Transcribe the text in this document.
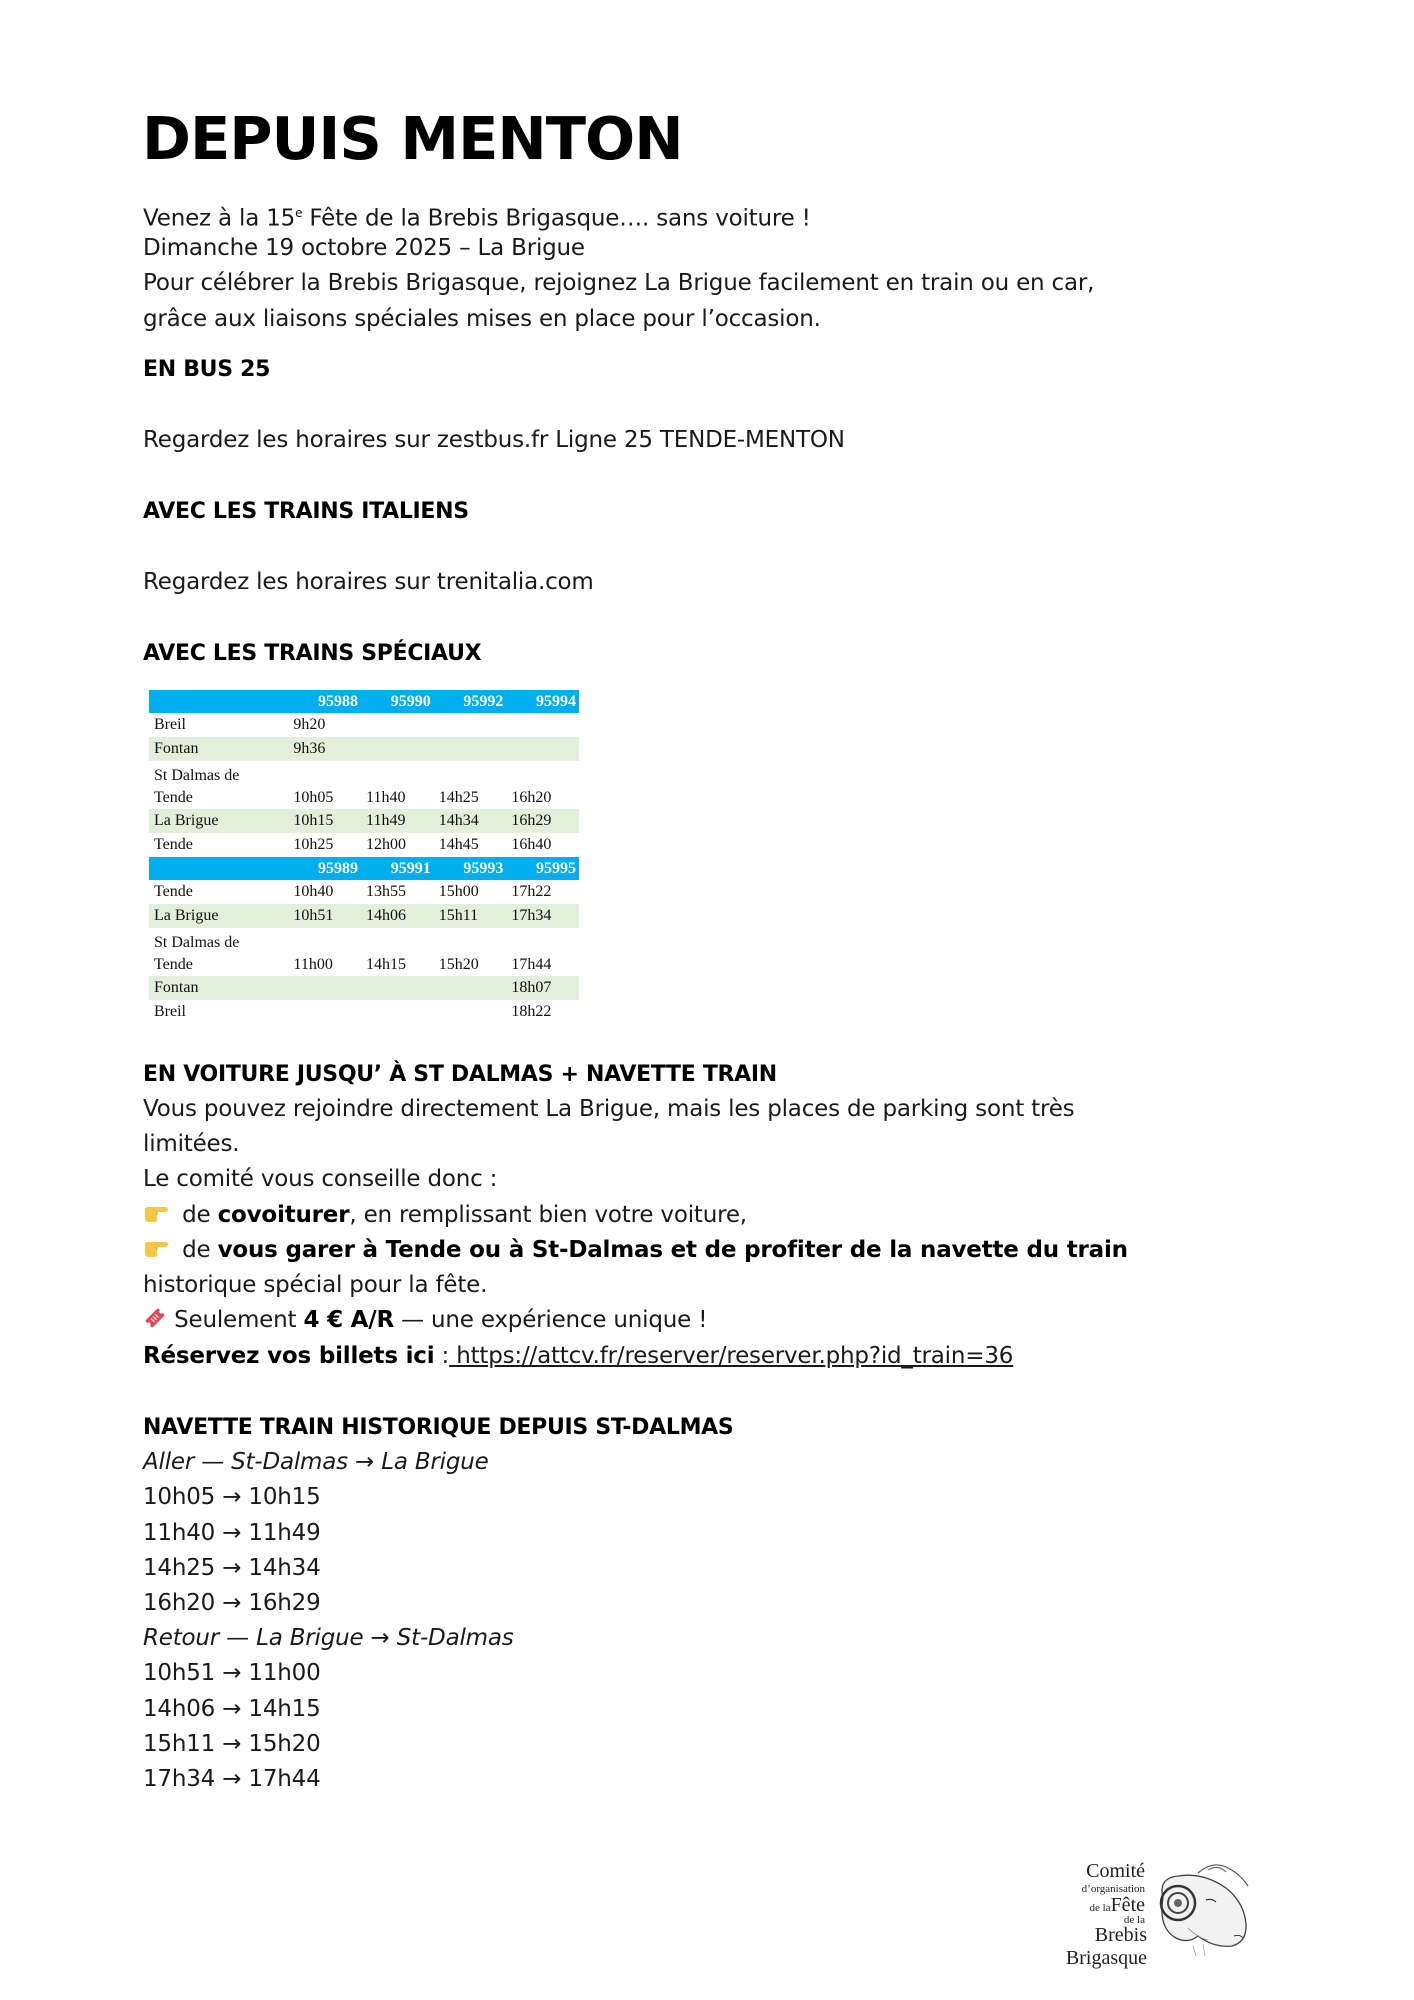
DEPUIS MENTON
Venez à la 15e Fête de la Brebis Brigasque…. sans voiture !
Dimanche 19 octobre 2025 – La Brigue
Pour célébrer la Brebis Brigasque, rejoignez La Brigue facilement en train ou en car,
grâce aux liaisons spéciales mises en place pour l’occasion.
EN BUS 25
Regardez les horaires sur zestbus.fr Ligne 25 TENDE-MENTON
AVEC LES TRAINS ITALIENS
Regardez les horaires sur trenitalia.com
AVEC LES TRAINS SPÉCIAUX
	95988	95990	95992	95994
Breil	9h20			
Fontan	9h36			
St Dalmas de
Tende	10h05	11h40	14h25	16h20
La Brigue	10h15	11h49	14h34	16h29
Tende	10h25	12h00	14h45	16h40
	95989	95991	95993	95995
Tende	10h40	13h55	15h00	17h22
La Brigue	10h51	14h06	15h11	17h34
St Dalmas de
Tende	11h00	14h15	15h20	17h44
Fontan				18h07
Breil				18h22
EN VOITURE JUSQU’ À ST DALMAS + NAVETTE TRAIN
Vous pouvez rejoindre directement La Brigue, mais les places de parking sont très
limitées.
Le comité vous conseille donc :
de covoiturer, en remplissant bien votre voiture,
de vous garer à Tende ou à St-Dalmas et de profiter de la navette du train
historique spécial pour la fête.
Seulement 4 € A/R — une expérience unique !
Réservez vos billets ici : https://attcv.fr/reserver/reserver.php?id_train=36
NAVETTE TRAIN HISTORIQUE DEPUIS ST-DALMAS
Aller — St-Dalmas → La Brigue
10h05 → 10h15
11h40 → 11h49
14h25 → 14h34
16h20 → 16h29
Retour — La Brigue → St-Dalmas
10h51 → 11h00
14h06 → 14h15
15h11 → 15h20
17h34 → 17h44
Comité
d’organisation
de laFête
de la
Brebis Brigasque
